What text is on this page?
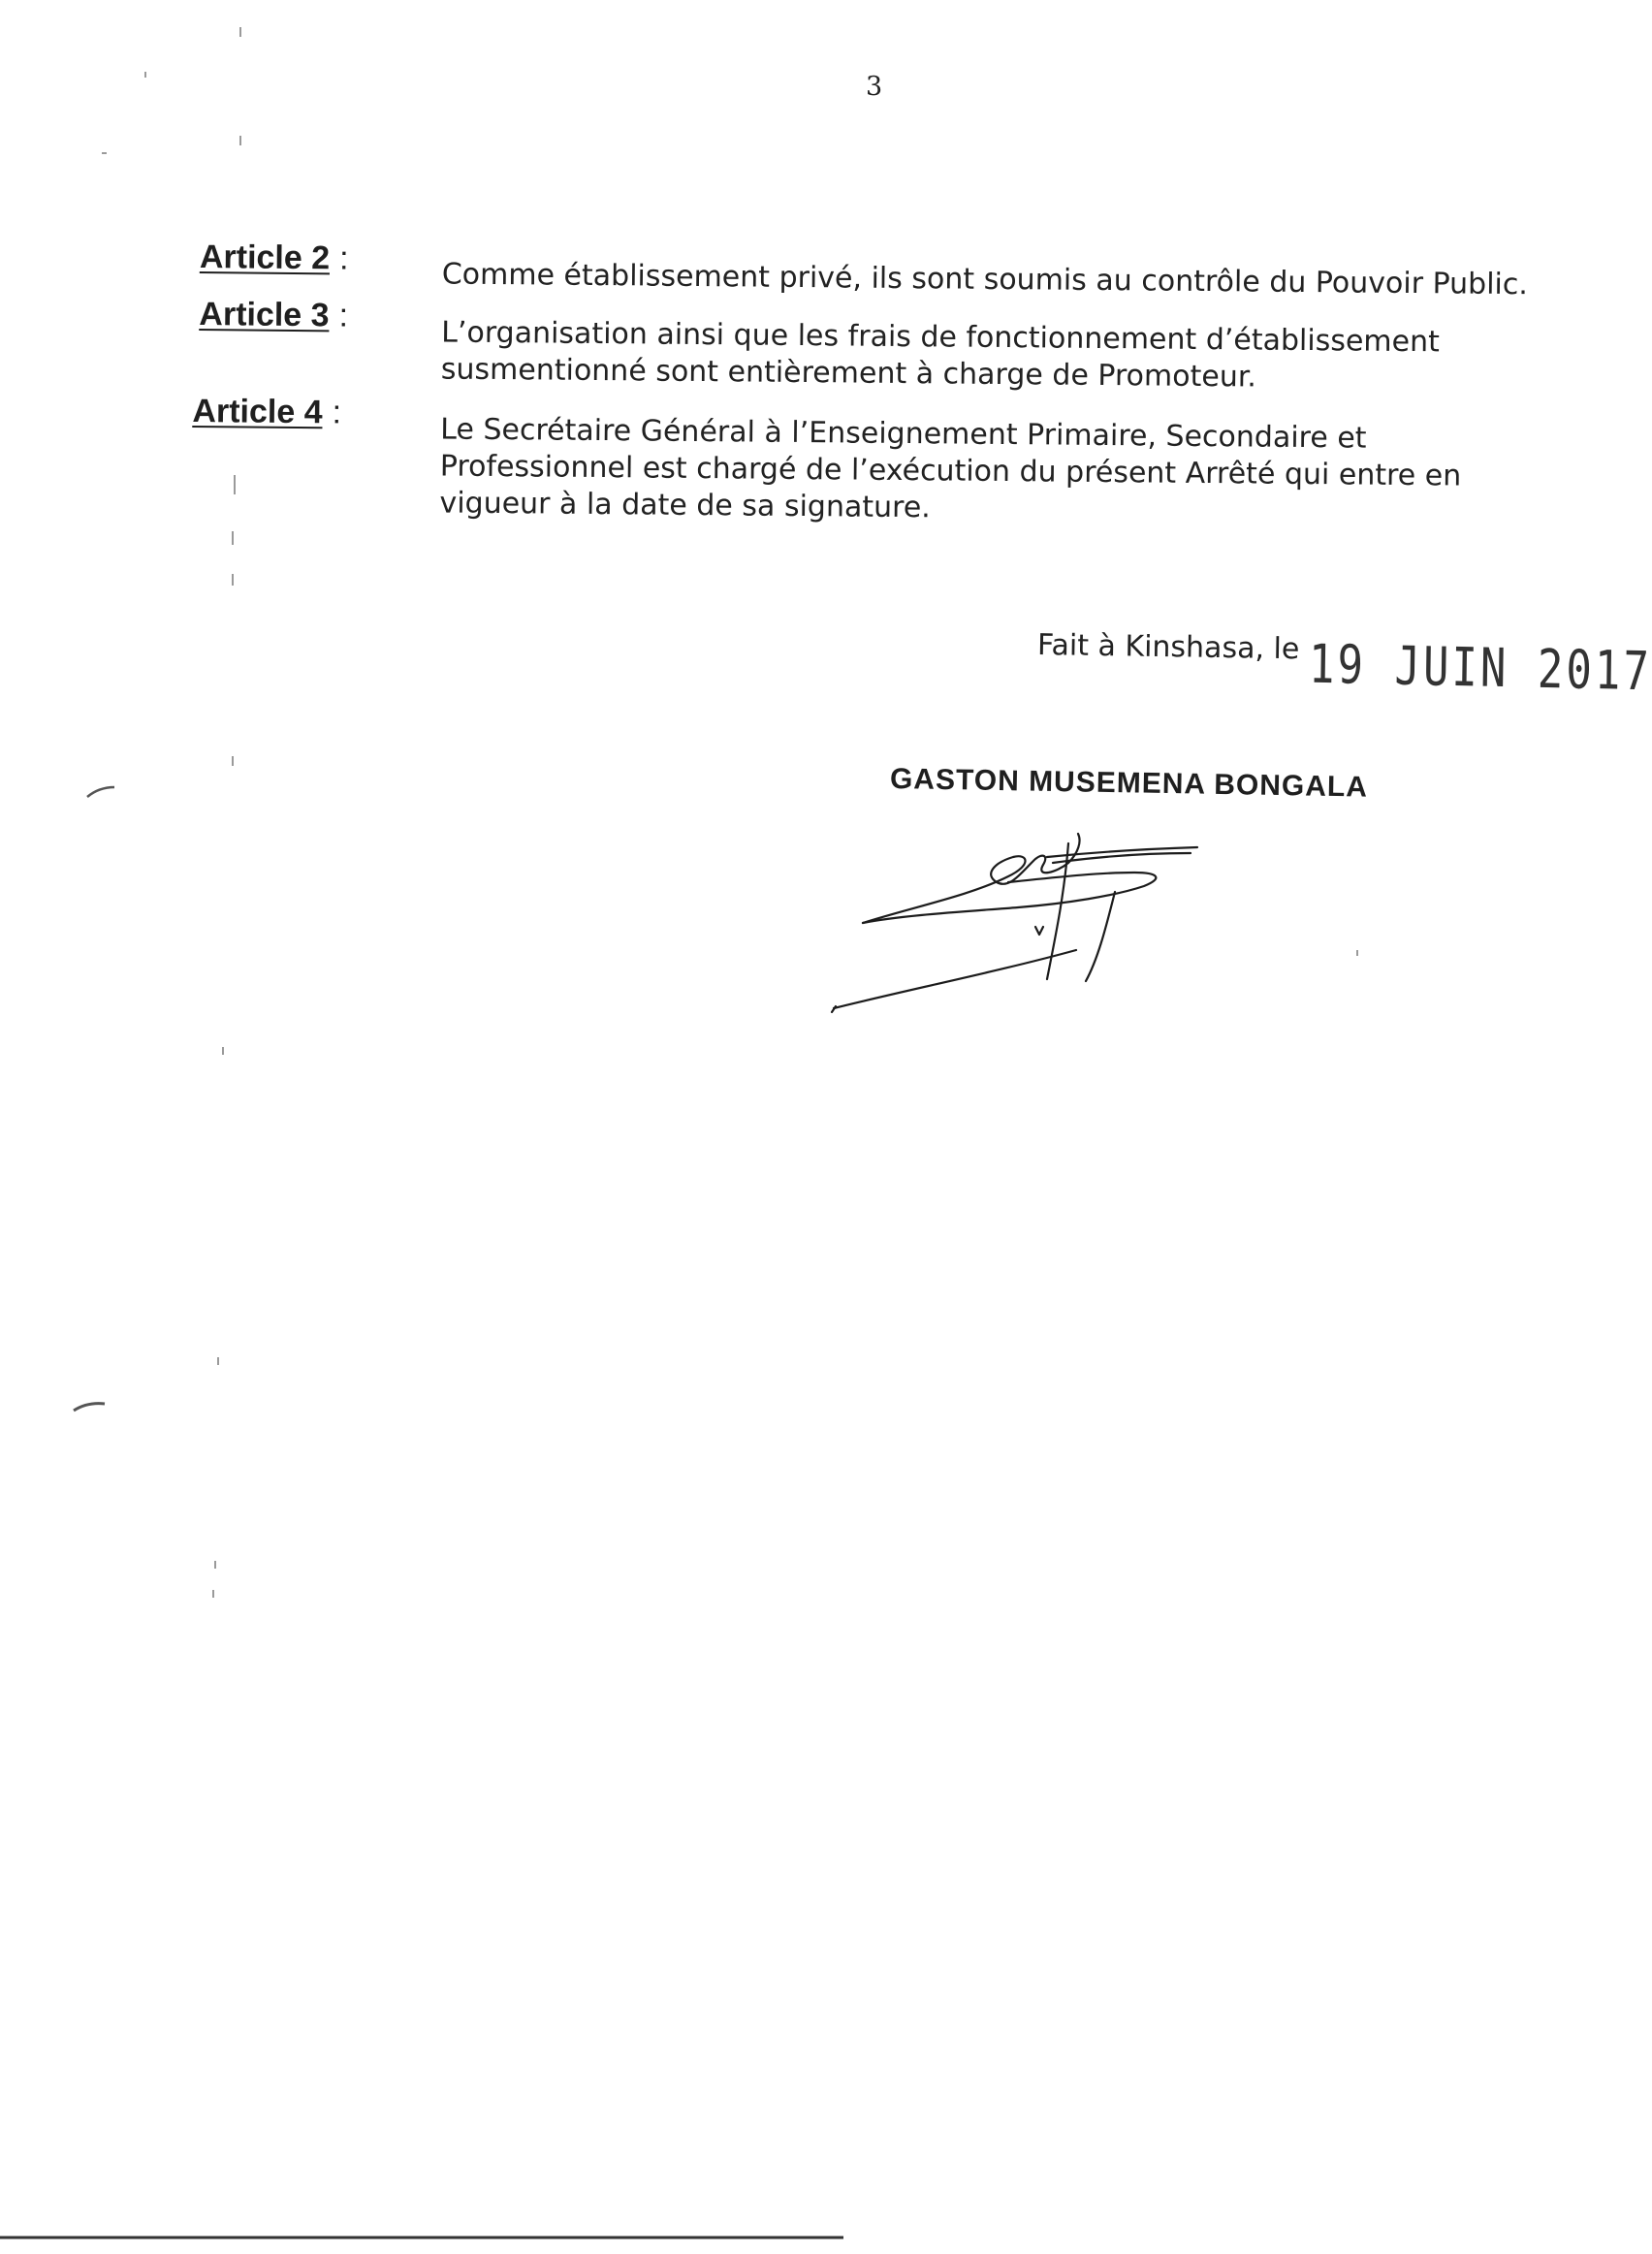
3
Article 2 :	Comme établissement privé, ils sont soumis au contrôle du Pouvoir Public.
Article 3 :	L’organisation ainsi que les frais de fonctionnement d’établissement
susmentionné sont entièrement à charge de Promoteur.
Article 4 :
Le Secrétaire Général à l’Enseignement Primaire, Secondaire et
Professionnel est chargé de l’exécution du présent Arrêté qui entre en
vigueur à la date de sa signature.
Fait à Kinshasa, le 19 JUIN 2017
GASTON MUSEMENA BONGALA
